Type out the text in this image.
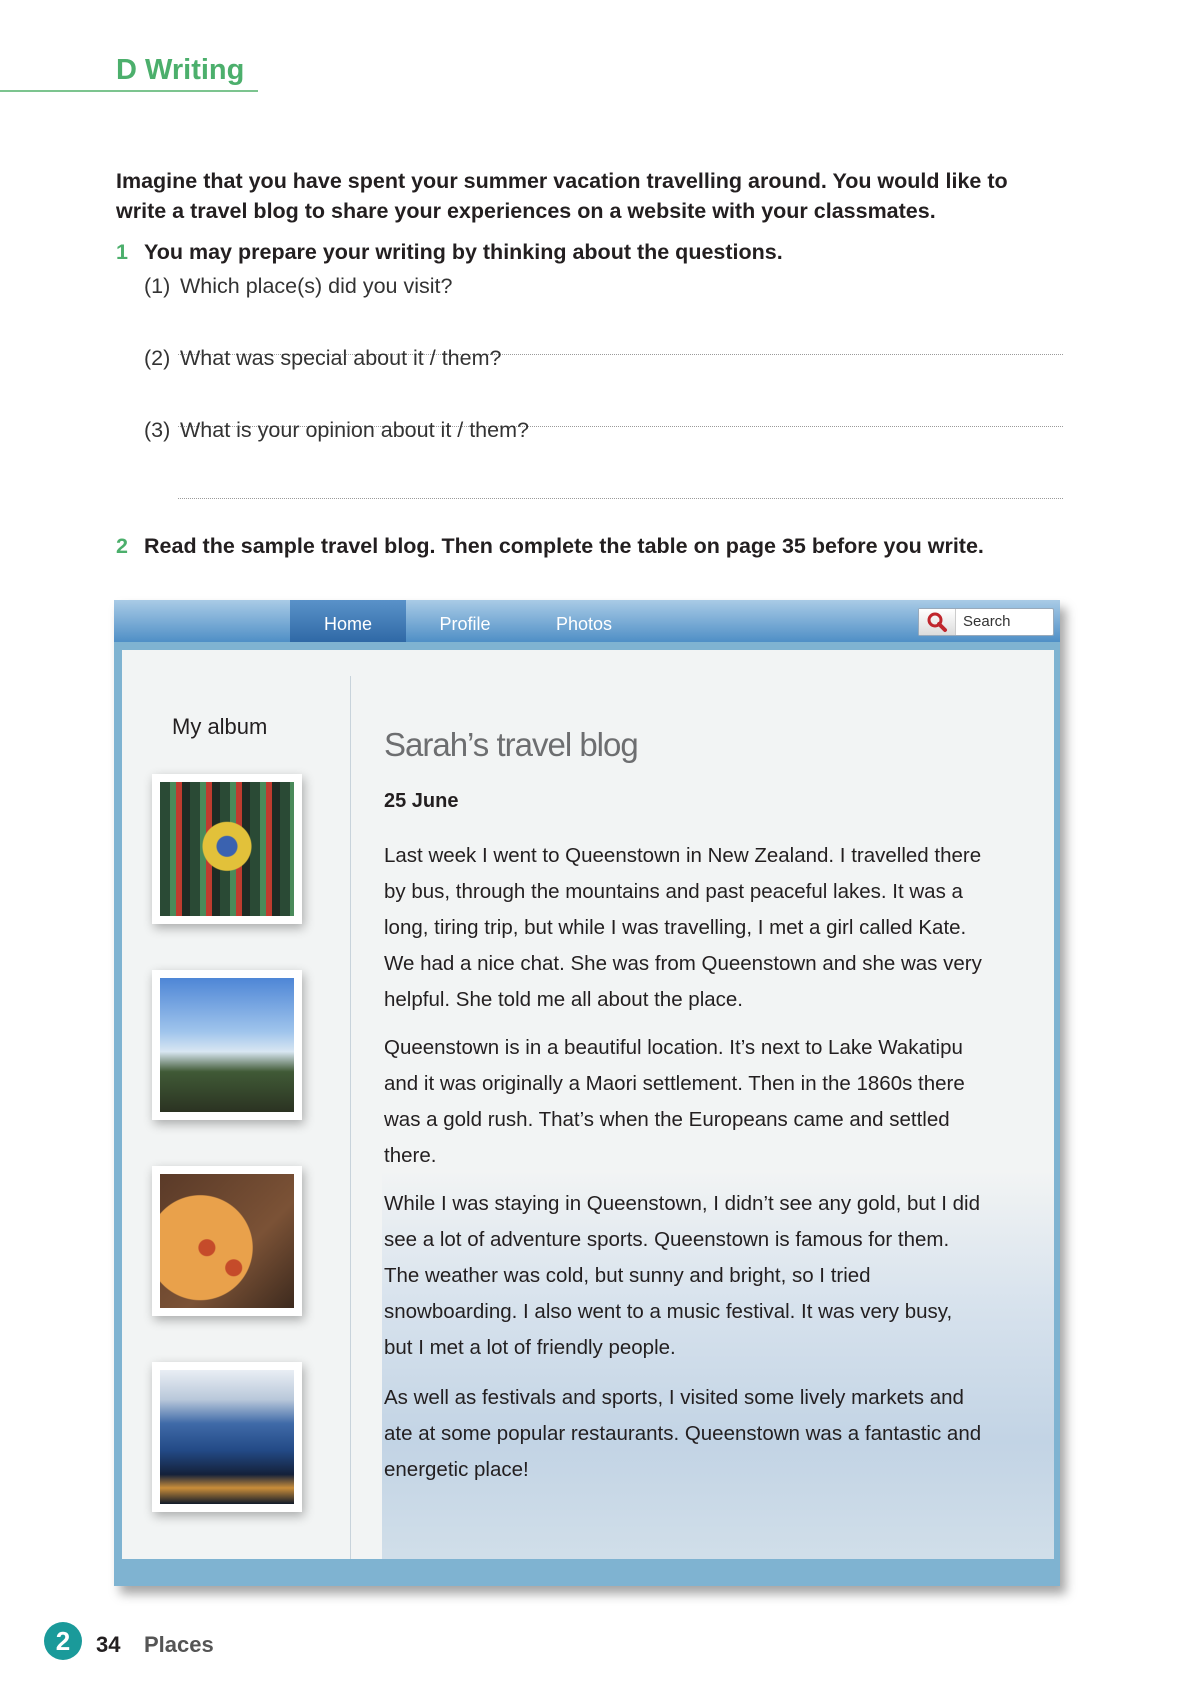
D Writing
Imagine that you have spent your summer vacation travelling around. You would like to write a travel blog to share your experiences on a website with your classmates.
1 You may prepare your writing by thinking about the questions.
(1) Which place(s) did you visit?
(2) What was special about it / them?
(3) What is your opinion about it / them?
2 Read the sample travel blog. Then complete the table on page 35 before you write.
Home	Profile	Photos	Search
My album	Sarah’s travel blog
25 June
Last week I went to Queenstown in New Zealand. I travelled there by bus, through the mountains and past peaceful lakes. It was a long, tiring trip, but while I was travelling, I met a girl called Kate. We had a nice chat. She was from Queenstown and she was very helpful. She told me all about the place.
Queenstown is in a beautiful location. It’s next to Lake Wakatipu and it was originally a Maori settlement. Then in the 1860s there was a gold rush. That’s when the Europeans came and settled there.
While I was staying in Queenstown, I didn’t see any gold, but I did see a lot of adventure sports. Queenstown is famous for them. The weather was cold, but sunny and bright, so I tried snowboarding. I also went to a music festival. It was very busy, but I met a lot of friendly people.
As well as festivals and sports, I visited some lively markets and ate at some popular restaurants. Queenstown was a fantastic and energetic place!
2	34 Places
